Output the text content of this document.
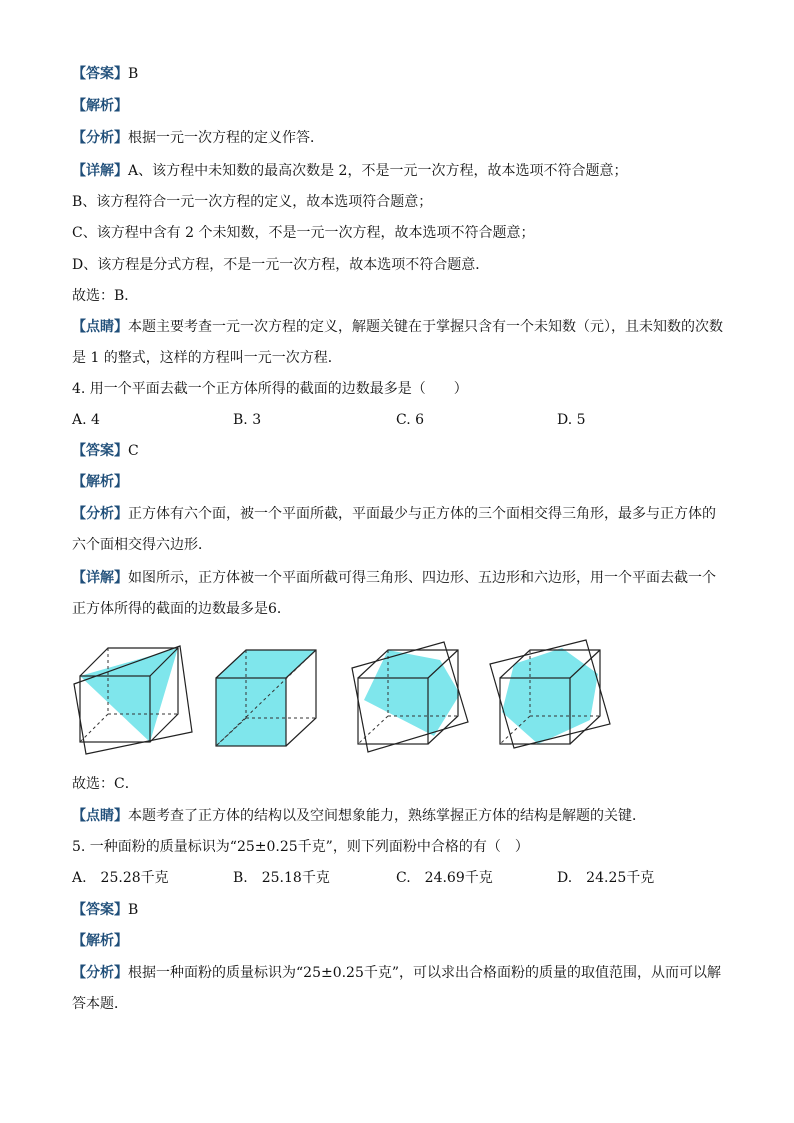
【答案】B
【解析】
【分析】根据一元一次方程的定义作答．
【详解】A、该方程中未知数的最高次数是 2，不是一元一次方程，故本选项不符合题意；
B、该方程符合一元一次方程的定义，故本选项符合题意；
C、该方程中含有 2 个未知数，不是一元一次方程，故本选项不符合题意；
D、该方程是分式方程，不是一元一次方程，故本选项不符合题意．
故选：B．
【点睛】本题主要考查一元一次方程的定义，解题关键在于掌握只含有一个未知数（元），且未知数的次数
是 1 的整式，这样的方程叫一元一次方程．
4. 用一个平面去截一个正方体所得的截面的边数最多是（　　）
A. 4	B. 3	C. 6	D. 5
【答案】C
【解析】
【分析】正方体有六个面，被一个平面所截，平面最少与正方体的三个面相交得三角形，最多与正方体的
六个面相交得六边形．
【详解】如图所示，正方体被一个平面所截可得三角形、四边形、五边形和六边形，用一个平面去截一个
正方体所得的截面的边数最多是6．
故选：C．
【点睛】本题考查了正方体的结构以及空间想象能力，熟练掌握正方体的结构是解题的关键．
5. 一种面粉的质量标识为“25±0.25千克”，则下列面粉中合格的有（　）
A.　25.28千克	B.　25.18千克	C.　24.69千克	D.　24.25千克
【答案】B
【解析】
【分析】根据一种面粉的质量标识为“25±0.25千克”，可以求出合格面粉的质量的取值范围，从而可以解
答本题．
